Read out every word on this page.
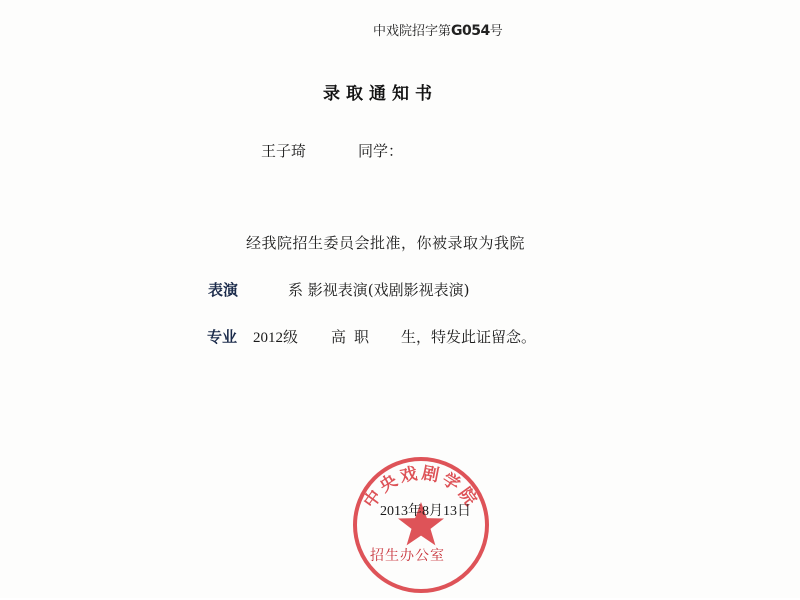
中戏院招字第G054号
录取通知书
王子琦	同学：
经我院招生委员会批准，你被录取为我院
表演	系 影视表演(戏剧影视表演)
专业 2012级 高职 生，特发此证留念。
中央戏剧学院
2013年8月13日
招生办公室
